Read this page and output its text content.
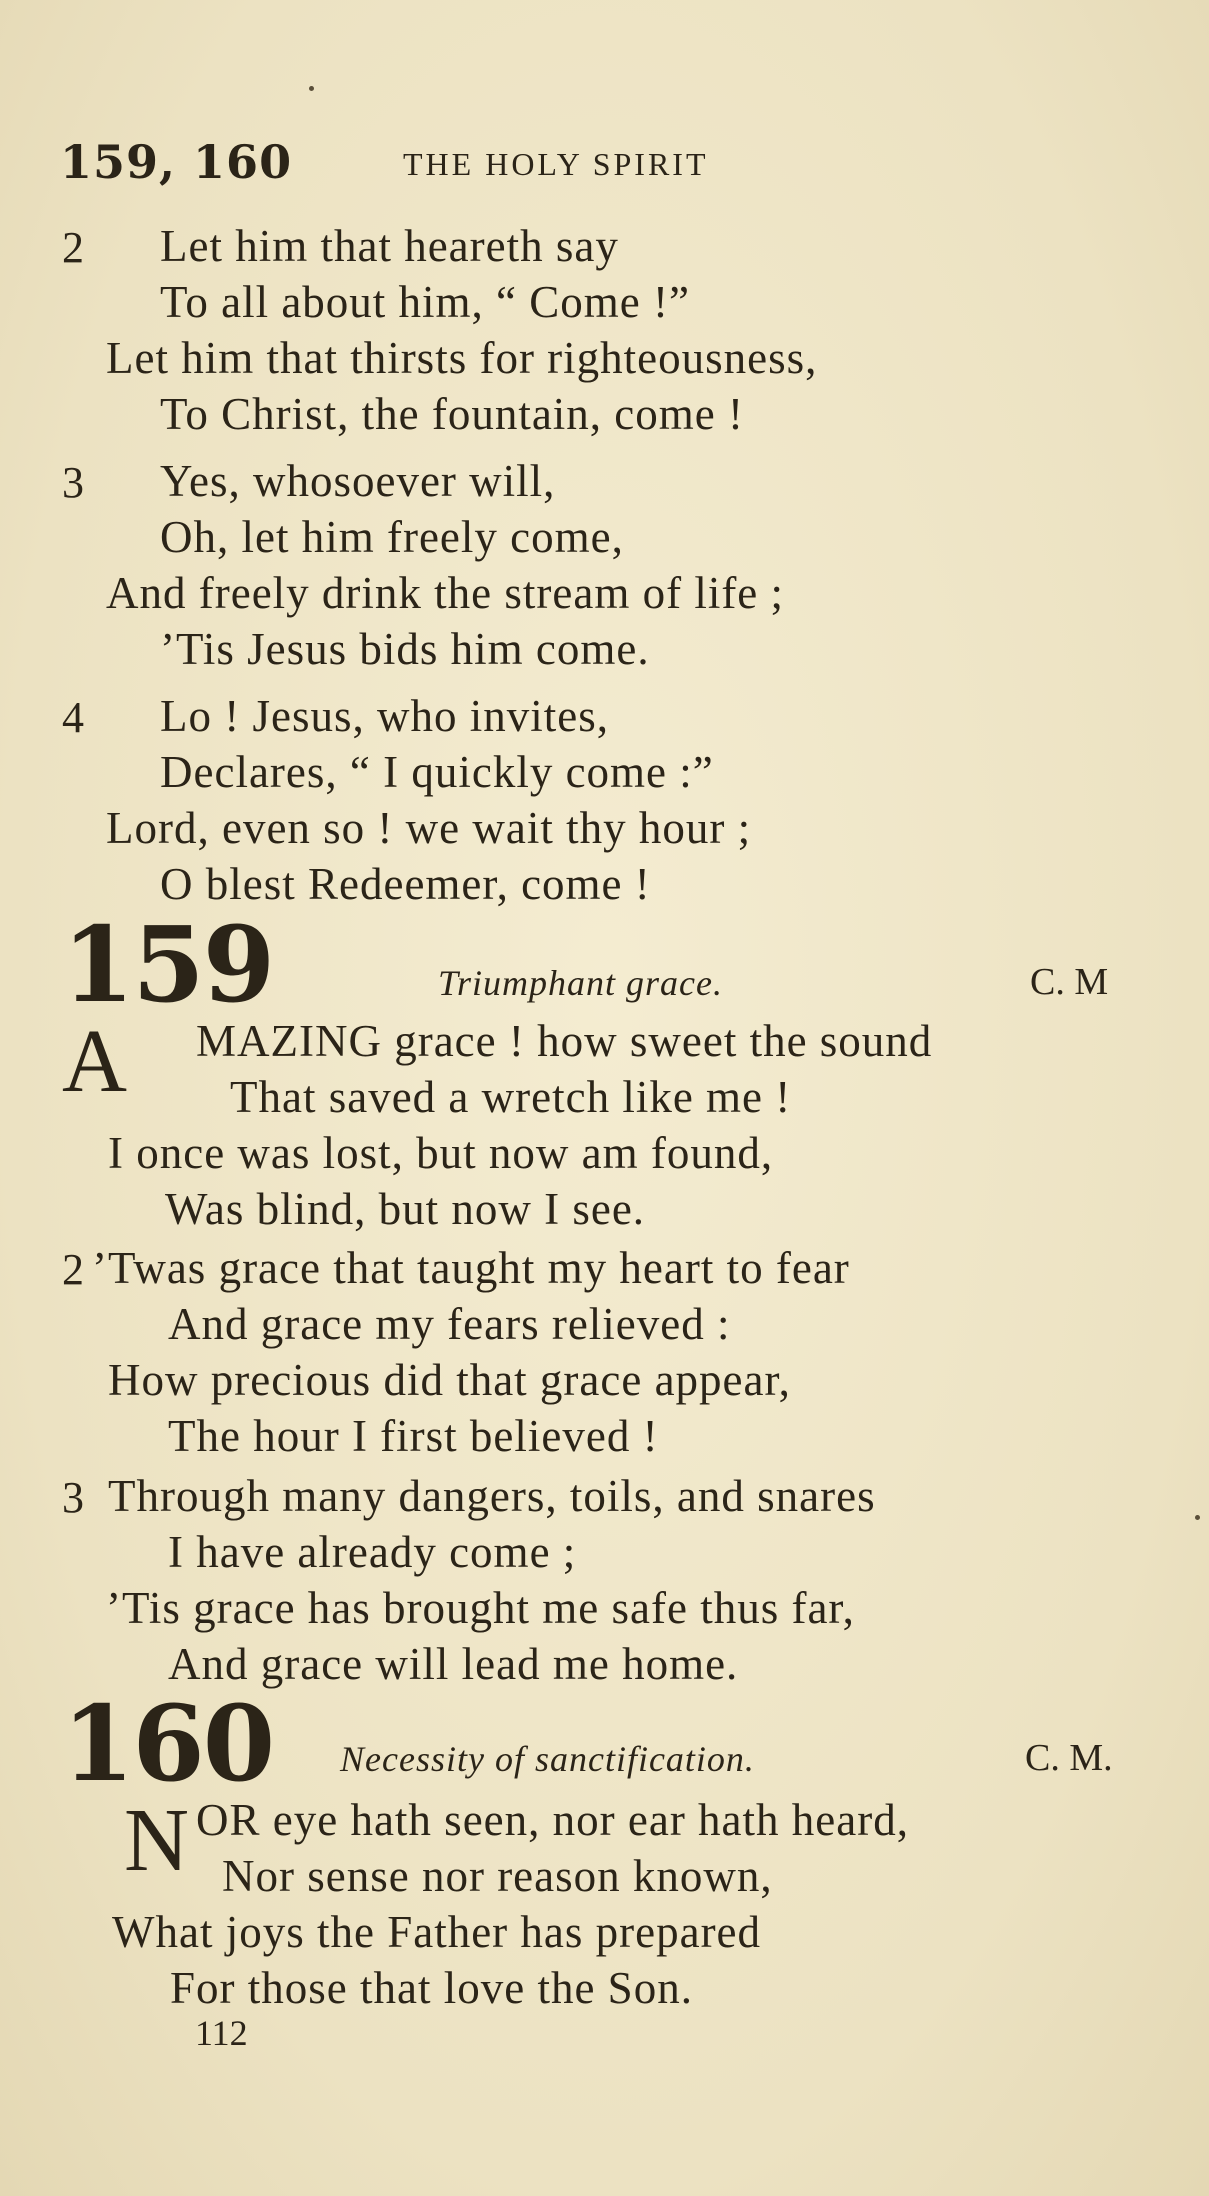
159, 160	THE HOLY SPIRIT
2 Let him that heareth say
To all about him, “ Come !”
Let him that thirsts for righteousness,
To Christ, the fountain, come !
3 Yes, whosoever will,
Oh, let him freely come,
And freely drink the stream of life ;
’Tis Jesus bids him come.
4 Lo ! Jesus, who invites,
Declares, “ I quickly come :”
Lord, even so ! we wait thy hour ;
O blest Redeemer, come !
159	Triumphant grace.	C. M
A MAZING grace ! how sweet the sound
That saved a wretch like me !
I once was lost, but now am found,
Was blind, but now I see.
2 ’Twas grace that taught my heart to fear
And grace my fears relieved :
How precious did that grace appear,
The hour I first believed !
3 Through many dangers, toils, and snares
I have already come ;
’Tis grace has brought me safe thus far,
And grace will lead me home.
160 Necessity of sanctification.	C. M.
N OR eye hath seen, nor ear hath heard,
Nor sense nor reason known,
What joys the Father has prepared
For those that love the Son.
112
